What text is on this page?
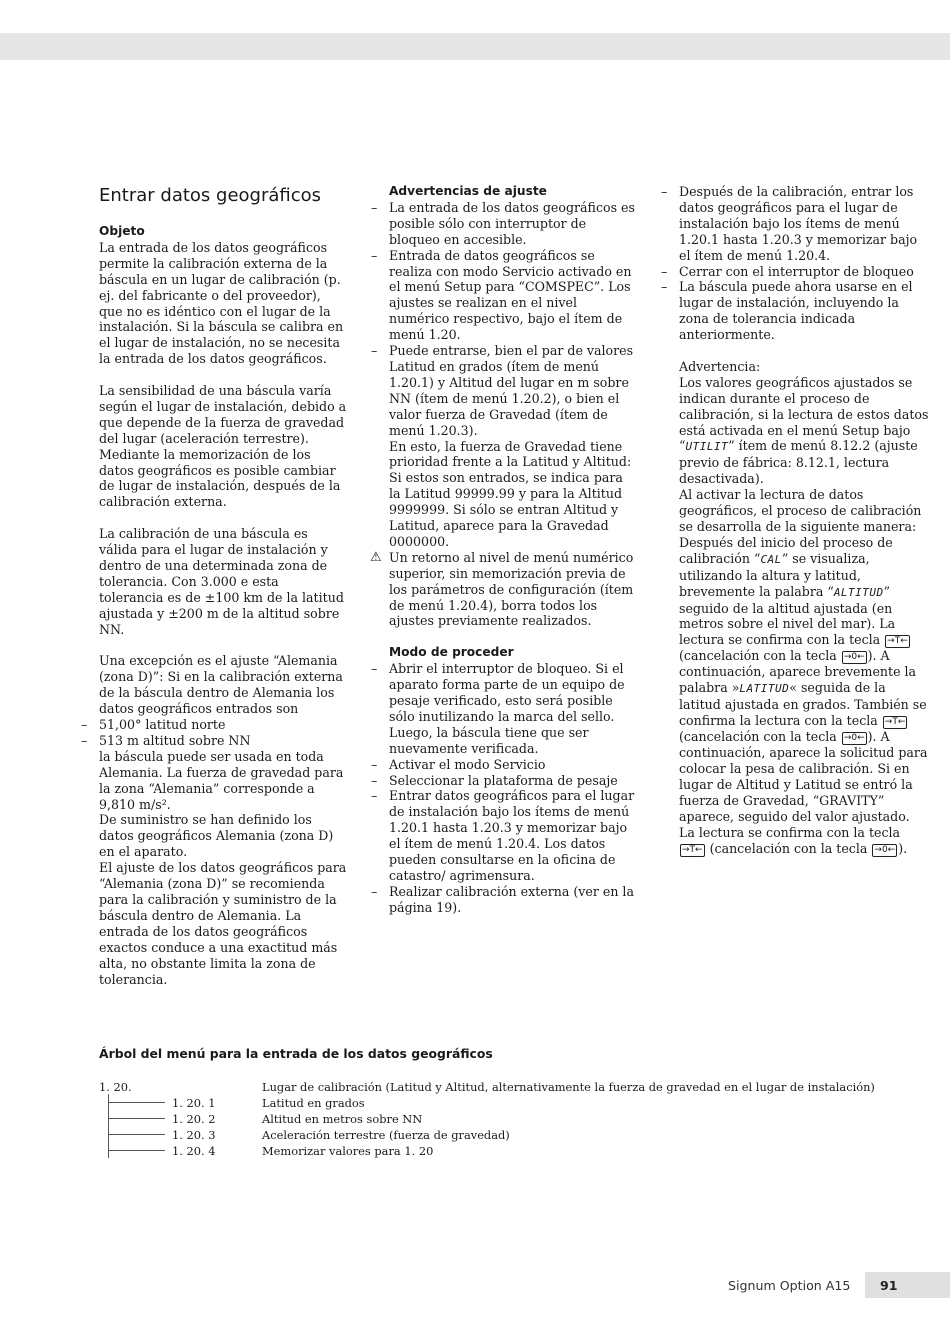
Entrar datos geográficos

Objeto

La entrada de los datos geográficos permite la calibración externa de la báscula en un lugar de calibración (p. ej. del fabricante o del proveedor), que no es idéntico con el lugar de la instalación. Si la báscula se calibra en el lugar de instalación, no se necesita la entrada de los datos geográficos.

La sensibilidad de una báscula varía según el lugar de instalación, debido a que depende de la fuerza de gravedad del lugar (aceleración terrestre). Mediante la memorización de los datos geográficos es posible cambiar de lugar de instalación, después de la calibración externa.

La calibración de una báscula es válida para el lugar de instalación y dentro de una determinada zona de tolerancia. Con 3.000 e esta tolerancia es de ±100 km de la latitud ajustada y ±200 m de la altitud sobre NN.

Una excepción es el ajuste “Alemania (zona D)”: Si en la calibración externa de la báscula dentro de Alemania los datos geográficos entrados son

– 51,00° latitud norte

– 513 m altitud sobre NN

la báscula puede ser usada en toda Alemania. La fuerza de gravedad para la zona “Alemania” corresponde a 9,810 m/s².

De suministro se han definido los datos geográficos Alemania (zona D) en el aparato.

El ajuste de los datos geográficos para “Alemania (zona D)” se recomienda para la calibración y suministro de la báscula dentro de Alemania. La entrada de los datos geográficos exactos conduce a una exactitud más alta, no obstante limita la zona de tolerancia.

Advertencias de ajuste

– La entrada de los datos geográficos es posible sólo con interruptor de bloqueo en accesible.

– Entrada de datos geográficos se realiza con modo Servicio activado en el menú Setup para “COMSPEC”. Los ajustes se realizan en el nivel numérico respectivo, bajo el ítem de menú 1.20.

– Puede entrarse, bien el par de valores Latitud en grados (ítem de menú 1.20.1) y Altitud del lugar en m sobre NN (ítem de menú 1.20.2), o bien el valor fuerza de Gravedad (ítem de menú 1.20.3).

En esto, la fuerza de Gravedad tiene prioridad frente a la Latitud y Altitud: Si estos son entrados, se indica para la Latitud 99999.99 y para la Altitud 9999999. Si sólo se entran Altitud y Latitud, aparece para la Gravedad 0000000.

⚠ Un retorno al nivel de menú numérico superior, sin memorización previa de los parámetros de configuración (ítem de menú 1.20.4), borra todos los ajustes previamente realizados.

Modo de proceder

– Abrir el interruptor de bloqueo. Si el aparato forma parte de un equipo de pesaje verificado, esto será posible sólo inutilizando la marca del sello. Luego, la báscula tiene que ser nuevamente verificada.

– Activar el modo Servicio

– Seleccionar la plataforma de pesaje

– Entrar datos geográficos para el lugar de instalación bajo los ítems de menú 1.20.1 hasta 1.20.3 y memorizar bajo el ítem de menú 1.20.4. Los datos pueden consultarse en la oficina de catastro/ agrimensura.

– Realizar calibración externa (ver en la página 19).

– Después de la calibración, entrar los datos geográficos para el lugar de instalación bajo los ítems de menú 1.20.1 hasta 1.20.3 y memorizar bajo el ítem de menú 1.20.4.

– Cerrar con el interruptor de bloqueo

– La báscula puede ahora usarse en el lugar de instalación, incluyendo la zona de tolerancia indicada anteriormente.

Advertencia:

Los valores geográficos ajustados se indican durante el proceso de calibración, si la lectura de estos datos está activada en el menú Setup bajo “UTILIT” ítem de menú 8.12.2 (ajuste previo de fábrica: 8.12.1, lectura desactivada).

Al activar la lectura de datos geográficos, el proceso de calibración se desarrolla de la siguiente manera:

Después del inicio del proceso de calibración “CAL” se visualiza, utilizando la altura y latitud, brevemente la palabra “ALTITUD” seguido de la altitud ajustada (en metros sobre el nivel del mar). La lectura se confirma con la tecla →T← (cancelación con la tecla →0← ). A continuación, aparece brevemente la palabra »LATITUD« seguida de la latitud ajustada en grados. También se confirma la lectura con la tecla →T← (cancelación con la tecla →0← ). A continuación, aparece la solicitud para colocar la pesa de calibración. Si en lugar de Altitud y Latitud se entró la fuerza de Gravedad, “GRAVITY” aparece, seguido del valor ajustado. La lectura se confirma con la tecla →T← (cancelación con la tecla →0← ).

Árbol del menú para la entrada de los datos geográficos
1. 20.	Lugar de calibración (Latitud y Altitud, alternativamente la fuerza de gravedad en el lugar de instalación)
1. 20. 1	Latitud en grados
1. 20. 2	Altitud en metros sobre NN
1. 20. 3	Aceleración terrestre (fuerza de gravedad)
1. 20. 4	Memorizar valores para 1. 20
Signum Option A15 91
